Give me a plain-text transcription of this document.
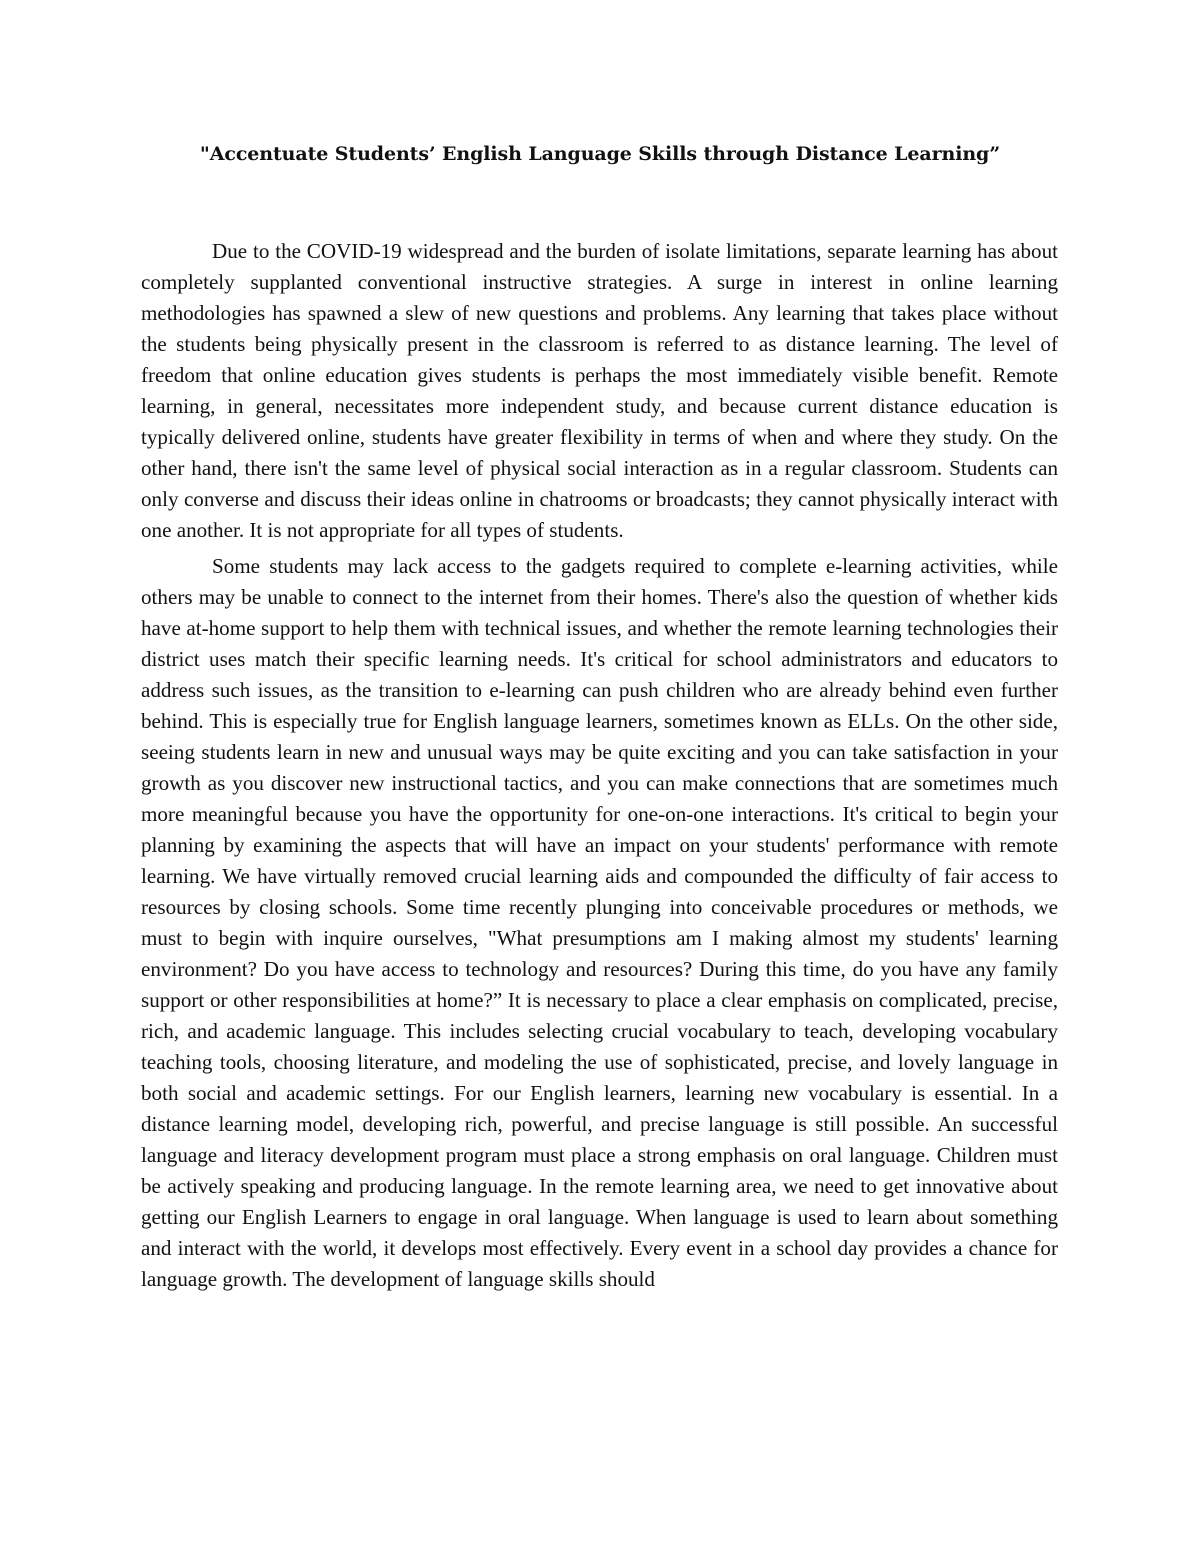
"Accentuate Students’ English Language Skills through Distance Learning”

Due to the COVID-19 widespread and the burden of isolate limitations, separate learning has about completely supplanted conventional instructive strategies. A surge in interest in online learning methodologies has spawned a slew of new questions and problems. Any learning that takes place without the students being physically present in the classroom is referred to as distance learning. The level of freedom that online education gives students is perhaps the most immediately visible benefit. Remote learning, in general, necessitates more independent study, and because current distance education is typically delivered online, students have greater flexibility in terms of when and where they study. On the other hand, there isn't the same level of physical social interaction as in a regular classroom. Students can only converse and discuss their ideas online in chatrooms or broadcasts; they cannot physically interact with one another. It is not appropriate for all types of students.

Some students may lack access to the gadgets required to complete e-learning activities, while others may be unable to connect to the internet from their homes. There's also the question of whether kids have at-home support to help them with technical issues, and whether the remote learning technologies their district uses match their specific learning needs. It's critical for school administrators and educators to address such issues, as the transition to e-learning can push children who are already behind even further behind. This is especially true for English language learners, sometimes known as ELLs. On the other side, seeing students learn in new and unusual ways may be quite exciting and you can take satisfaction in your growth as you discover new instructional tactics, and you can make connections that are sometimes much more meaningful because you have the opportunity for one-on-one interactions. It's critical to begin your planning by examining the aspects that will have an impact on your students' performance with remote learning. We have virtually removed crucial learning aids and compounded the difficulty of fair access to resources by closing schools. Some time recently plunging into conceivable procedures or methods, we must to begin with inquire ourselves, "What presumptions am I making almost my students' learning environment? Do you have access to technology and resources? During this time, do you have any family support or other responsibilities at home?” It is necessary to place a clear emphasis on complicated, precise, rich, and academic language. This includes selecting crucial vocabulary to teach, developing vocabulary teaching tools, choosing literature, and modeling the use of sophisticated, precise, and lovely language in both social and academic settings. For our English learners, learning new vocabulary is essential. In a distance learning model, developing rich, powerful, and precise language is still possible. An successful language and literacy development program must place a strong emphasis on oral language. Children must be actively speaking and producing language. In the remote learning area, we need to get innovative about getting our English Learners to engage in oral language. When language is used to learn about something and interact with the world, it develops most effectively. Every event in a school day provides a chance for language growth. The development of language skills should
